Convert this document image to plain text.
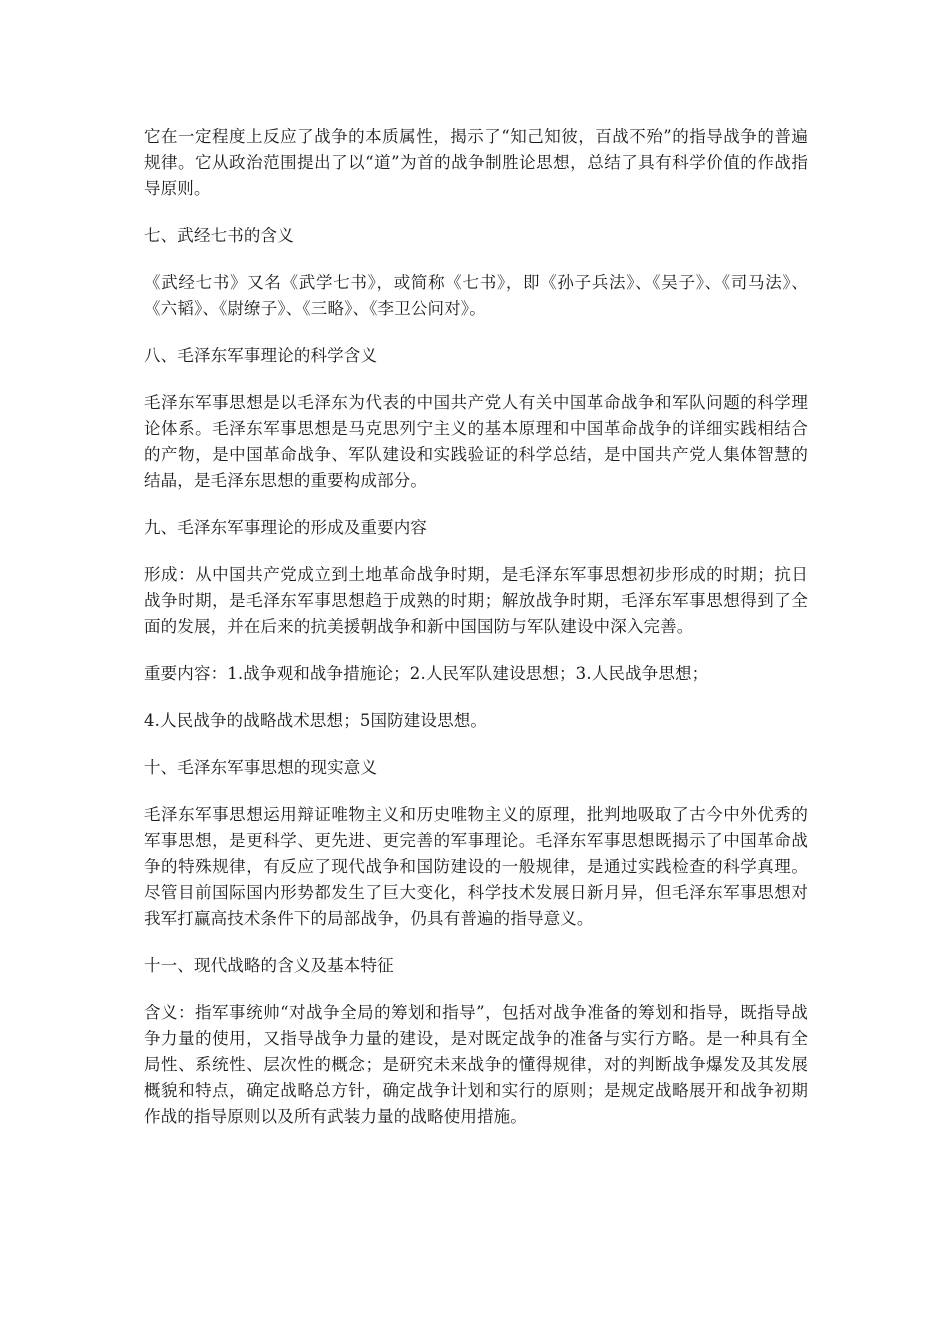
它在一定程度上反应了战争的本质属性，揭示了“知己知彼，百战不殆”的指导战争的普遍规律。它从政治范围提出了以“道”为首的战争制胜论思想，总结了具有科学价值的作战指导原则。

七、武经七书的含义

《武经七书》又名《武学七书》，或简称《七书》，即《孙子兵法》、《吴子》、《司马法》、《六韬》、《尉缭子》、《三略》、《李卫公问对》。

八、毛泽东军事理论的科学含义

毛泽东军事思想是以毛泽东为代表的中国共产党人有关中国革命战争和军队问题的科学理论体系。毛泽东军事思想是马克思列宁主义的基本原理和中国革命战争的详细实践相结合的产物，是中国革命战争、军队建设和实践验证的科学总结，是中国共产党人集体智慧的结晶，是毛泽东思想的重要构成部分。

九、毛泽东军事理论的形成及重要内容

形成：从中国共产党成立到土地革命战争时期，是毛泽东军事思想初步形成的时期；抗日战争时期，是毛泽东军事思想趋于成熟的时期；解放战争时期，毛泽东军事思想得到了全面的发展，并在后来的抗美援朝战争和新中国国防与军队建设中深入完善。

重要内容：1.战争观和战争措施论；2.人民军队建设思想；3.人民战争思想；

4.人民战争的战略战术思想；5国防建设思想。

十、毛泽东军事思想的现实意义

毛泽东军事思想运用辩证唯物主义和历史唯物主义的原理，批判地吸取了古今中外优秀的军事思想，是更科学、更先进、更完善的军事理论。毛泽东军事思想既揭示了中国革命战争的特殊规律，有反应了现代战争和国防建设的一般规律，是通过实践检查的科学真理。尽管目前国际国内形势都发生了巨大变化，科学技术发展日新月异，但毛泽东军事思想对我军打赢高技术条件下的局部战争，仍具有普遍的指导意义。

十一、现代战略的含义及基本特征

含义：指军事统帅“对战争全局的筹划和指导”，包括对战争准备的筹划和指导，既指导战争力量的使用，又指导战争力量的建设，是对既定战争的准备与实行方略。是一种具有全局性、系统性、层次性的概念；是研究未来战争的懂得规律，对的判断战争爆发及其发展概貌和特点，确定战略总方针，确定战争计划和实行的原则；是规定战略展开和战争初期作战的指导原则以及所有武装力量的战略使用措施。
